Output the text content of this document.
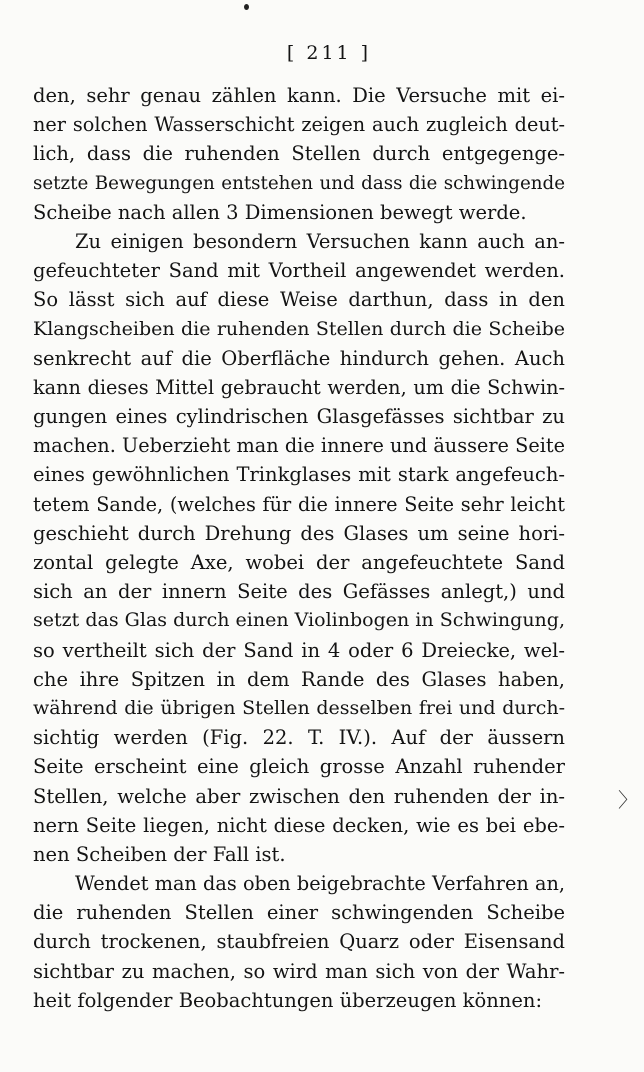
[ 211 ]
den, sehr genau zählen kann. Die Versuche mit ei-
ner solchen Wasserschicht zeigen auch zugleich deut-
lich, dass die ruhenden Stellen durch entgegenge-
setzte Bewegungen entstehen und dass die schwingende
Scheibe nach allen 3 Dimensionen bewegt werde.
Zu einigen besondern Versuchen kann auch an-
gefeuchteter Sand mit Vortheil angewendet werden.
So lässt sich auf diese Weise darthun, dass in den
Klangscheiben die ruhenden Stellen durch die Scheibe
senkrecht auf die Oberfläche hindurch gehen. Auch
kann dieses Mittel gebraucht werden, um die Schwin-
gungen eines cylindrischen Glasgefässes sichtbar zu
machen. Ueberzieht man die innere und äussere Seite
eines gewöhnlichen Trinkglases mit stark angefeuch-
tetem Sande, (welches für die innere Seite sehr leicht
geschieht durch Drehung des Glases um seine hori-
zontal gelegte Axe, wobei der angefeuchtete Sand
sich an der innern Seite des Gefässes anlegt,) und
setzt das Glas durch einen Violinbogen in Schwingung,
so vertheilt sich der Sand in 4 oder 6 Dreiecke, wel-
che ihre Spitzen in dem Rande des Glases haben,
während die übrigen Stellen desselben frei und durch-
sichtig werden (Fig. 22. T. IV.). Auf der äussern
Seite erscheint eine gleich grosse Anzahl ruhender
Stellen, welche aber zwischen den ruhenden der in-
nern Seite liegen, nicht diese decken, wie es bei ebe-
nen Scheiben der Fall ist.
Wendet man das oben beigebrachte Verfahren an,
die ruhenden Stellen einer schwingenden Scheibe
durch trockenen, staubfreien Quarz oder Eisensand
sichtbar zu machen, so wird man sich von der Wahr-
heit folgender Beobachtungen überzeugen können:
〉
